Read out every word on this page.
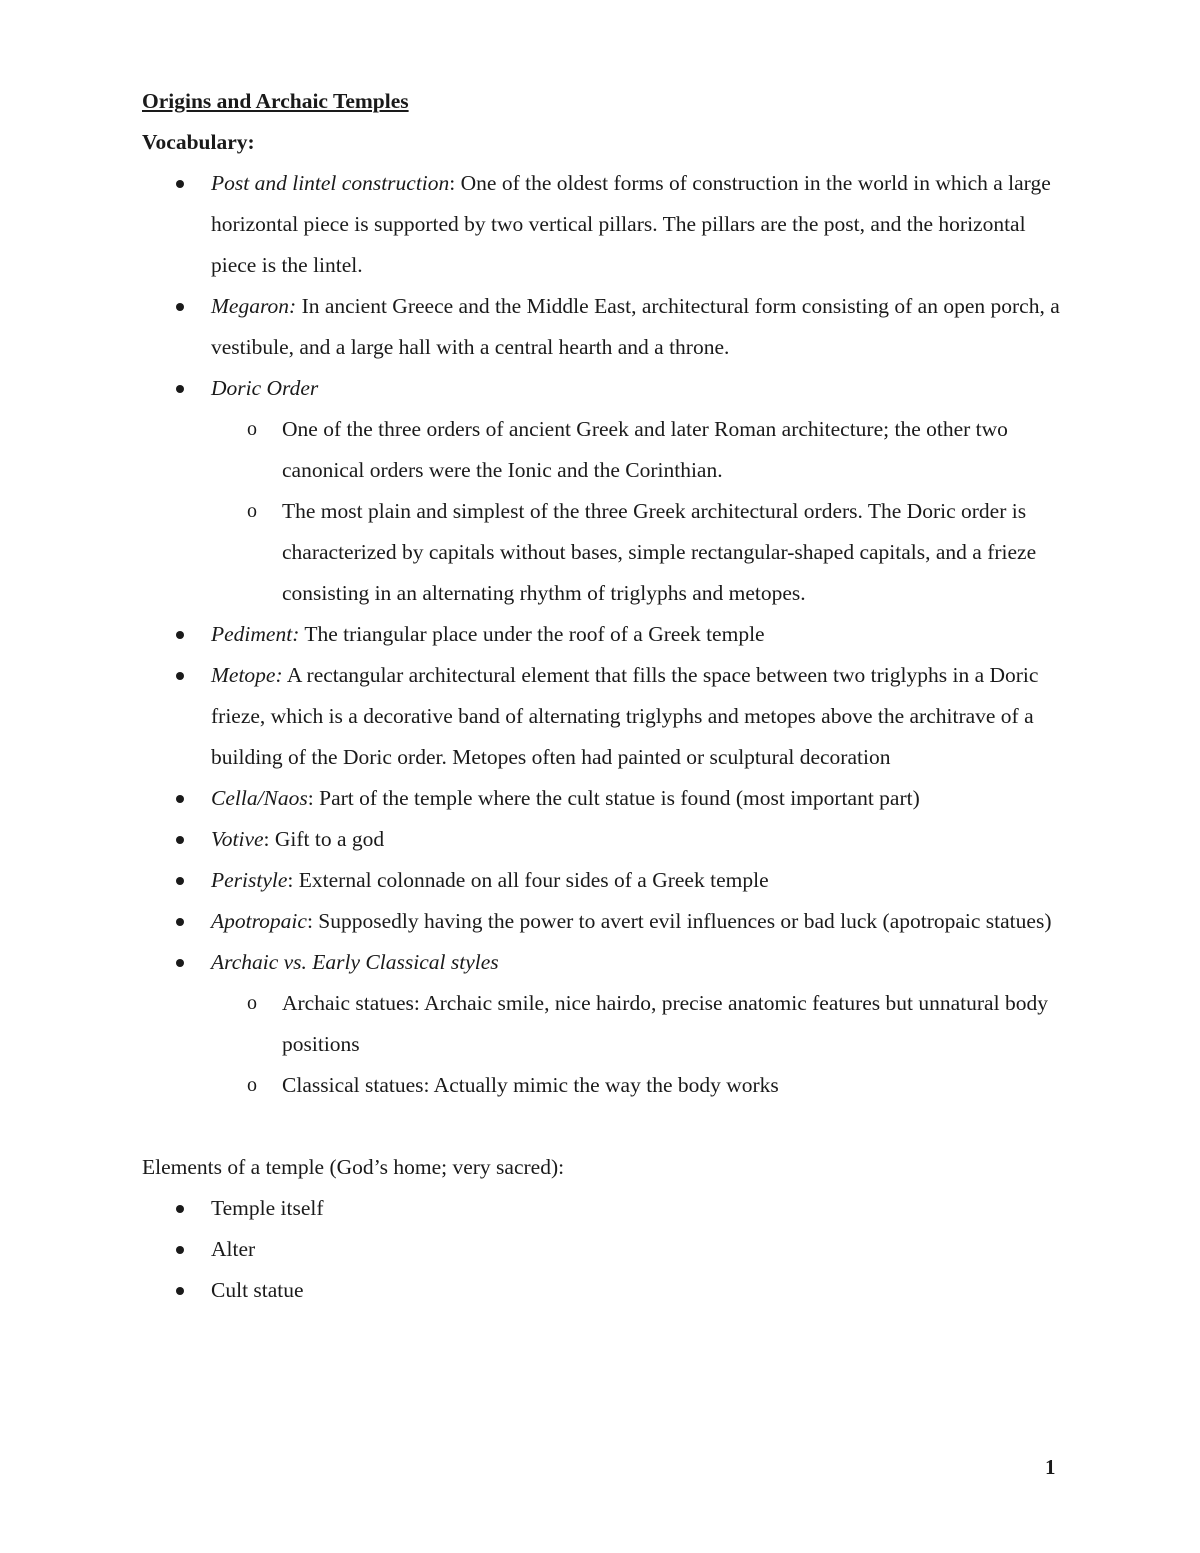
Origins and Archaic Temples

Vocabulary:

Post and lintel construction: One of the oldest forms of construction in the world in which a large horizontal piece is supported by two vertical pillars. The pillars are the post, and the horizontal piece is the lintel.
Megaron: In ancient Greece and the Middle East, architectural form consisting of an open porch, a vestibule, and a large hall with a central hearth and a throne.
Doric Order
o One of the three orders of ancient Greek and later Roman architecture; the other two canonical orders were the Ionic and the Corinthian.
o The most plain and simplest of the three Greek architectural orders. The Doric order is characterized by capitals without bases, simple rectangular-shaped capitals, and a frieze consisting in an alternating rhythm of triglyphs and metopes.
Pediment: The triangular place under the roof of a Greek temple
Metope: A rectangular architectural element that fills the space between two triglyphs in a Doric frieze, which is a decorative band of alternating triglyphs and metopes above the architrave of a building of the Doric order. Metopes often had painted or sculptural decoration
Cella/Naos: Part of the temple where the cult statue is found (most important part)
Votive: Gift to a god
Peristyle: External colonnade on all four sides of a Greek temple
Apotropaic: Supposedly having the power to avert evil influences or bad luck (apotropaic statues)
Archaic vs. Early Classical styles
o Archaic statues: Archaic smile, nice hairdo, precise anatomic features but unnatural body positions
o Classical statues: Actually mimic the way the body works
Elements of a temple (God’s home; very sacred):
Temple itself
Alter
Cult statue
1
